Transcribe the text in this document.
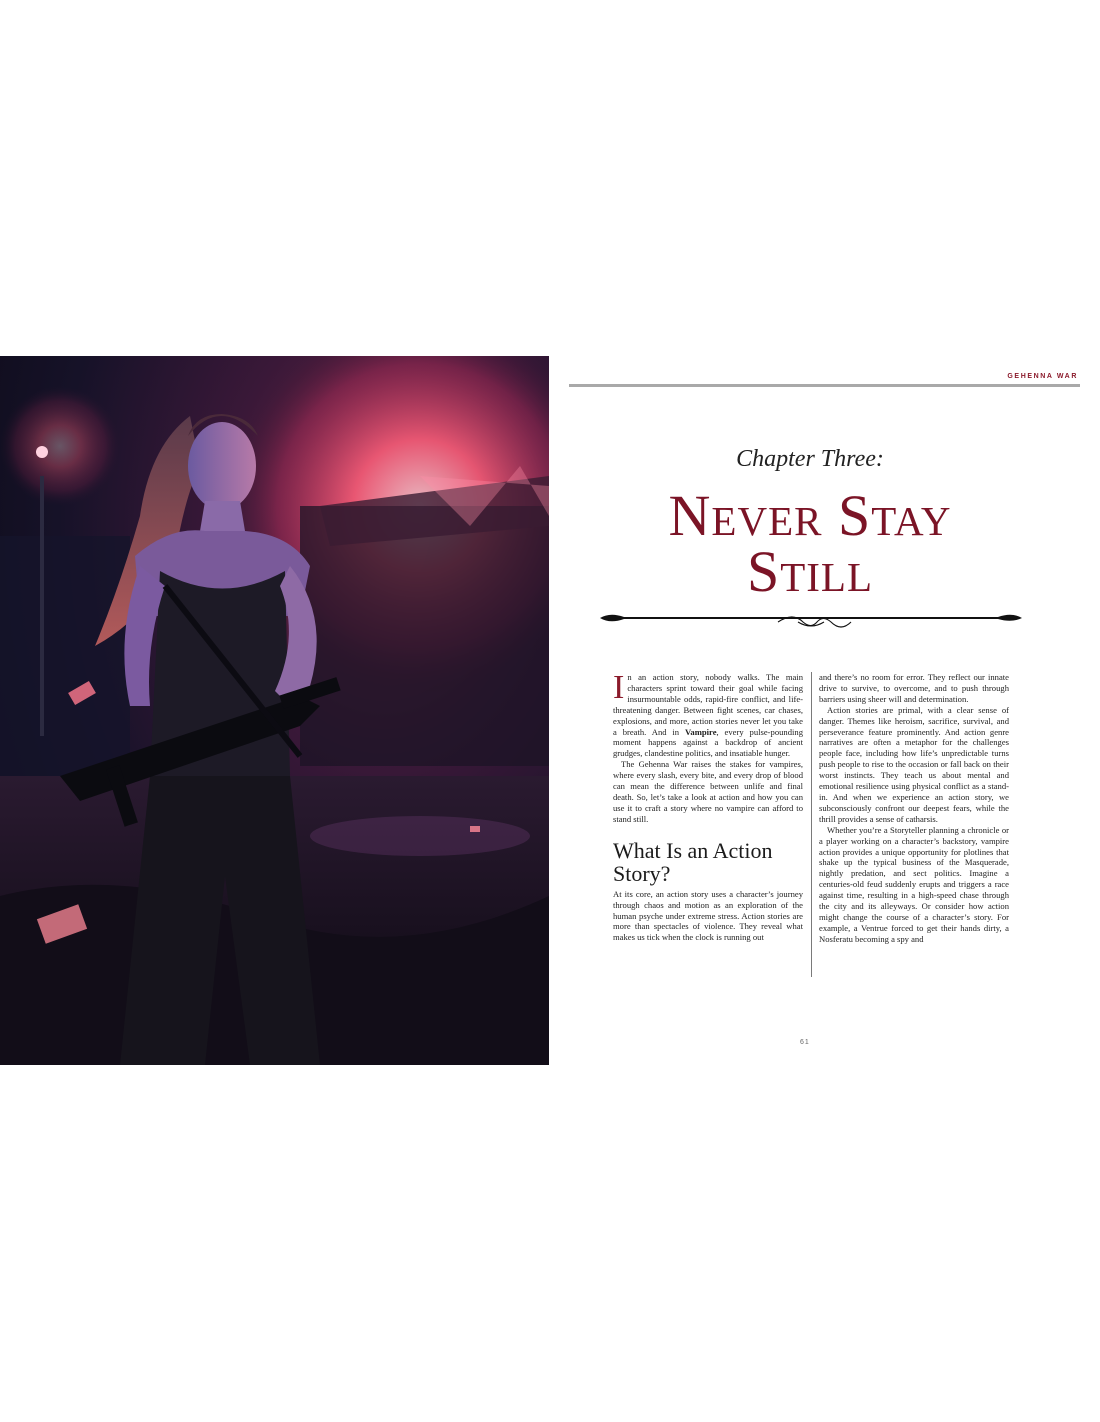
GEHENNA WAR
Chapter Three:
Never Stay
Still

In an action story, nobody walks. The main characters sprint toward their goal while facing insurmountable odds, rapid-fire conflict, and life-threatening danger. Between fight scenes, car chases, explosions, and more, action stories never let you take a breath. And in Vampire, every pulse-pounding moment happens against a backdrop of ancient grudges, clandestine politics, and insatiable hunger.

The Gehenna War raises the stakes for vampires, where every slash, every bite, and every drop of blood can mean the difference between unlife and final death. So, let’s take a look at action and how you can use it to craft a story where no vampire can afford to stand still.

What Is an Action Story?

At its core, an action story uses a character’s journey through chaos and motion as an exploration of the human psyche under extreme stress. Action stories are more than spectacles of violence. They reveal what makes us tick when the clock is running out

and there’s no room for error. They reflect our innate drive to survive, to overcome, and to push through barriers using sheer will and determination.

Action stories are primal, with a clear sense of danger. Themes like heroism, sacrifice, survival, and perseverance feature prominently. And action genre narratives are often a metaphor for the challenges people face, including how life’s unpredictable turns push people to rise to the occasion or fall back on their worst instincts. They teach us about mental and emotional resilience using physical conflict as a stand-in. And when we experience an action story, we subconsciously confront our deepest fears, while the thrill provides a sense of catharsis.

Whether you’re a Storyteller planning a chronicle or a player working on a character’s backstory, vampire action provides a unique opportunity for plotlines that shake up the typical business of the Masquerade, nightly predation, and sect politics. Imagine a centuries-old feud suddenly erupts and triggers a race against time, resulting in a high-speed chase through the city and its alleyways. Or consider how action might change the course of a character’s story. For example, a Ventrue forced to get their hands dirty, a Nosferatu becoming a spy and

61
